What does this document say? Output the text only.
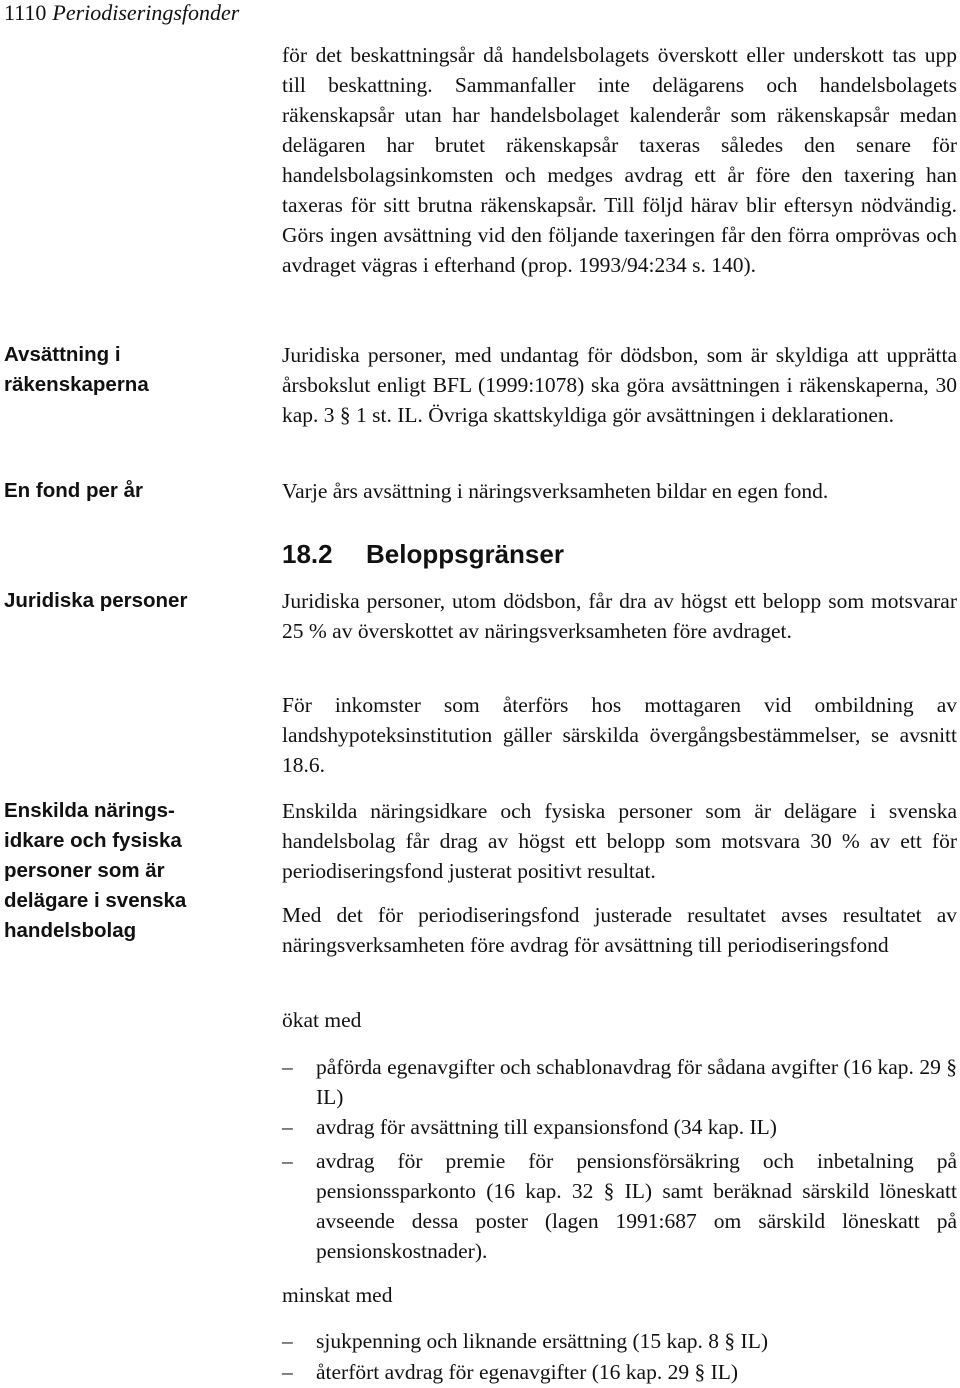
1110 Periodiseringsfonder
Avsättning i räkenskaperna
En fond per år
Juridiska personer
Enskilda närings-idkare och fysiska personer som är delägare i svenska handelsbolag

för det beskattningsår då handelsbolagets överskott eller underskott tas upp till beskattning. Sammanfaller inte delägarens och handelsbolagets räkenskapsår utan har handelsbolaget kalenderår som räkenskapsår medan delägaren har brutet räkenskapsår taxeras således den senare för handelsbolagsinkomsten och medges avdrag ett år före den taxering han taxeras för sitt brutna räkenskapsår. Till följd härav blir eftersyn nödvändig. Görs ingen avsättning vid den följande taxeringen får den förra omprövas och avdraget vägras i efterhand (prop. 1993/94:234 s. 140).

Juridiska personer, med undantag för dödsbon, som är skyldiga att upprätta årsbokslut enligt BFL (1999:1078) ska göra avsättningen i räkenskaperna, 30 kap. 3 § 1 st. IL. Övriga skattskyldiga gör avsättningen i deklarationen.

Varje års avsättning i näringsverksamheten bildar en egen fond.

18.2 Beloppsgränser

Juridiska personer, utom dödsbon, får dra av högst ett belopp som motsvarar 25 % av överskottet av näringsverksamheten före avdraget.

För inkomster som återförs hos mottagaren vid ombildning av landshypoteksinstitution gäller särskilda övergångsbestämmelser, se avsnitt 18.6.

Enskilda näringsidkare och fysiska personer som är delägare i svenska handelsbolag får drag av högst ett belopp som motsvara 30 % av ett för periodiseringsfond justerat positivt resultat.

Med det för periodiseringsfond justerade resultatet avses resultatet av näringsverksamheten före avdrag för avsättning till periodiseringsfond

ökat med

–	påförda egenavgifter och schablonavdrag för sådana avgifter (16 kap. 29 § IL)
–	avdrag för avsättning till expansionsfond (34 kap. IL)
–	avdrag för premie för pensionsförsäkring och inbetalning på pensionssparkonto (16 kap. 32 § IL) samt beräknad särskild löneskatt avseende dessa poster (lagen 1991:687 om särskild löneskatt på pensionskostnader).

minskat med

–	sjukpenning och liknande ersättning (15 kap. 8 § IL)
–	återfört avdrag för egenavgifter (16 kap. 29 § IL)
